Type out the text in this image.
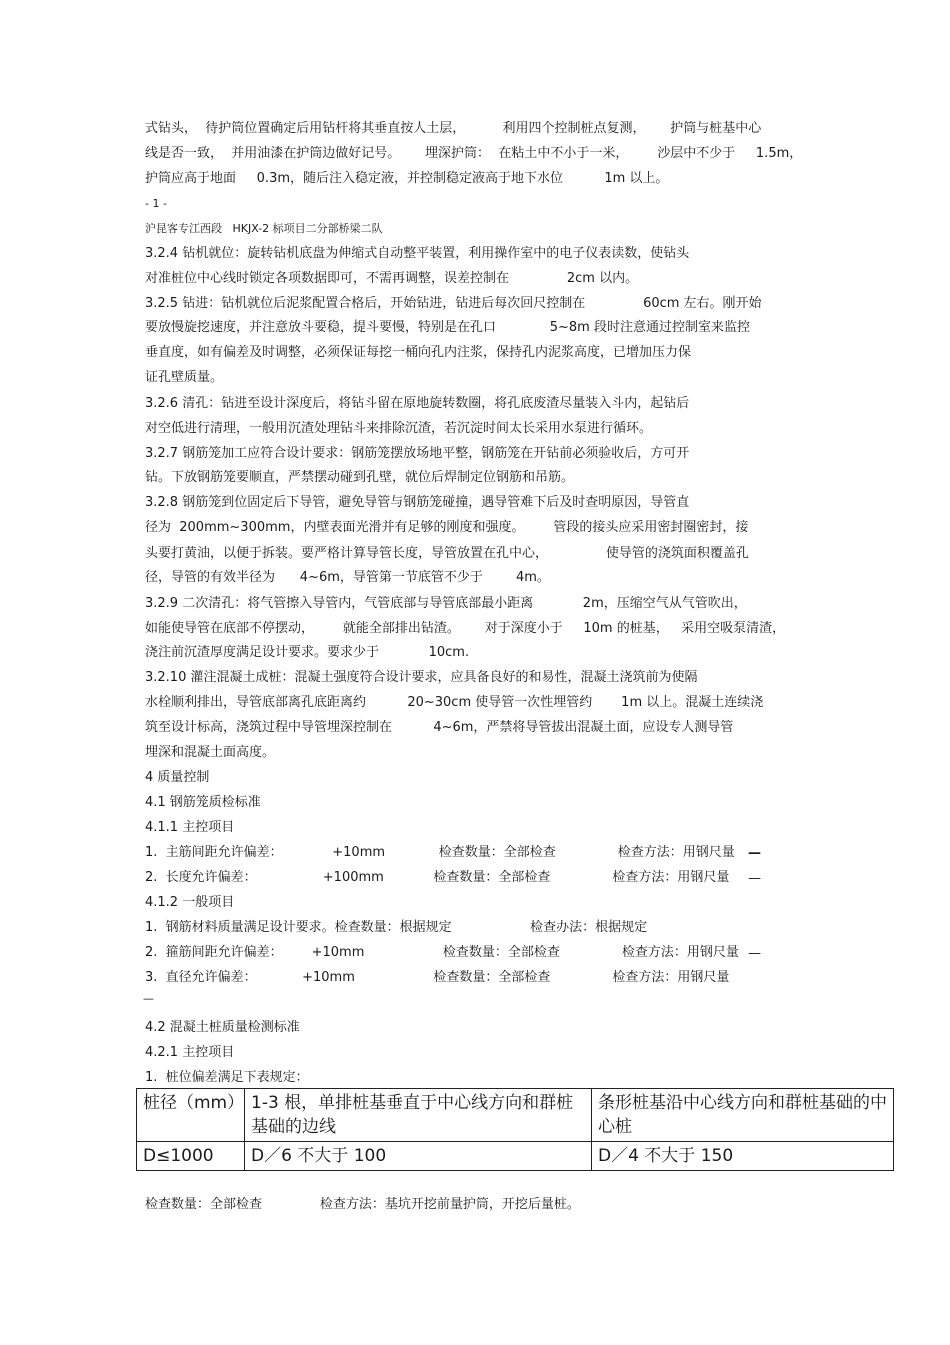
式钻头，  待护筒位置确定后用钻杆将其垂直按人土层，         利用四个控制桩点复测，      护筒与桩基中心
线是否一致，  并用油漆在护筒边做好记号。      埋深护筒：  在粘土中不小于一米，       沙层中不少于     1.5m，
护筒应高于地面     0.3m，随后注入稳定液，并控制稳定液高于地下水位          1m 以上。
- 1 -
沪昆客专江西段   HKJX-2 标项目二分部桥梁二队
3.2.4 钻机就位：旋转钻机底盘为伸缩式自动整平装置，利用操作室中的电子仪表读数，使钻头
对准桩位中心线时锁定各项数据即可，不需再调整，误差控制在              2cm 以内。
3.2.5 钻进：钻机就位后泥浆配置合格后，开始钻进，钻进后每次回尺控制在              60cm 左右。刚开始
要放慢旋挖速度，并注意放斗要稳，提斗要慢，特别是在孔口             5~8m 段时注意通过控制室来监控
垂直度，如有偏差及时调整，必须保证每挖一桶向孔内注浆，保持孔内泥浆高度，已增加压力保
证孔壁质量。
3.2.6 清孔：钻进至设计深度后，将钻斗留在原地旋转数圈，将孔底废渣尽量装入斗内，起钻后
对空低进行清理，一般用沉渣处理钻斗来排除沉渣，若沉淀时间太长采用水泵进行循环。
3.2.7 钢筋笼加工应符合设计要求：钢筋笼摆放场地平整，钢筋笼在开钻前必须验收后，方可开
钻。下放钢筋笼要顺直，严禁摆动碰到孔壁，就位后焊制定位钢筋和吊筋。
3.2.8 钢筋笼到位固定后下导管，避免导管与钢筋笼碰撞，遇导管难下后及时查明原因，导管直
径为  200mm~300mm，内壁表面光滑并有足够的刚度和强度。       管段的接头应采用密封圈密封，接
头要打黄油，以便于拆装。要严格计算导管长度，导管放置在孔中心，              使导管的浇筑面积覆盖孔
径，导管的有效半径为      4~6m，导管第一节底管不少于        4m。
3.2.9 二次清孔：将气管擦入导管内，气管底部与导管底部最小距离            2m，压缩空气从气管吹出，
如能使导管在底部不停摆动，       就能全部排出钻渣。      对于深度小于     10m 的桩基，   采用空吸泵清渣，
浇注前沉渣厚度满足设计要求。要求少于            10cm.
3.2.10 灌注混凝土成桩：混凝土强度符合设计要求，应具备良好的和易性，混凝土浇筑前为使隔
水栓顺利排出，导管底部离孔底距离约          20~30cm 使导管一次性埋管约       1m 以上。混凝土连续浇
筑至设计标高，浇筑过程中导管埋深控制在          4~6m，严禁将导管拔出混凝土面，应设专人测导管
埋深和混凝土面高度。
4 质量控制
4.1 钢筋笼质检标准
4.1.1 主控项目
1.  主筋间距允许偏差：            +10mm             检查数量：全部检查               检查方法：用钢尺量
2.  长度允许偏差：                +100mm            检查数量：全部检查               检查方法：用钢尺量
4.1.2 一般项目
1.  钢筋材料质量满足设计要求。检查数量：根据规定                   检查办法：根据规定
2.  箍筋间距允许偏差：       +10mm                   检查数量：全部检查               检查方法：用钢尺量
3.  直径允许偏差：           +10mm                   检查数量：全部检查               检查方法：用钢尺量
4.2 混凝土桩质量检测标准
4.2.1 主控项目
1.  桩位偏差满足下表规定：
—
—
—
—
桩径（mm）	1-3 根，单排桩基垂直于中心线方向和群桩基础的边线	条形桩基沿中心线方向和群桩基础的中心桩
D≤1000	D／6 不大于 100	D／4 不大于 150
检查数量：全部检查              检查方法：基坑开挖前量护筒，开挖后量桩。
